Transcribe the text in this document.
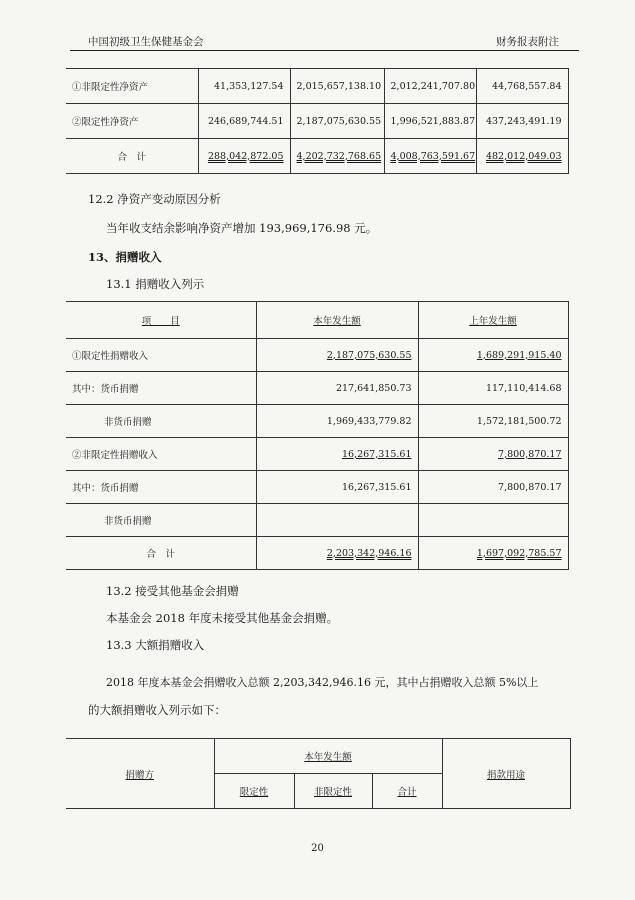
中国初级卫生保健基金会	财务报表附注
①非限定性净资产	41,353,127.54	2,015,657,138.10	2,012,241,707.80	44,768,557.84
②限定性净资产	246,689,744.51	2,187,075,630.55	1,996,521,883.87	437,243,491.19
合　计	288,042,872.05	4,202,732,768.65	4,008,763,591.67	482,012,049.03
12.2 净资产变动原因分析
当年收支结余影响净资产增加 193,969,176.98 元。
13、捐赠收入
13.1 捐赠收入列示
项　　目	本年发生额	上年发生额
①限定性捐赠收入	2,187,075,630.55	1,689,291,915.40
其中：货币捐赠	217,641,850.73	117,110,414.68
非货币捐赠	1,969,433,779.82	1,572,181,500.72
②非限定性捐赠收入	16,267,315.61	7,800,870.17
其中：货币捐赠	16,267,315.61	7,800,870.17
非货币捐赠		
合　计	2,203,342,946.16	1,697,092,785.57
13.2 接受其他基金会捐赠
本基金会 2018 年度未接受其他基金会捐赠。
13.3 大额捐赠收入
2018 年度本基金会捐赠收入总额 2,203,342,946.16 元，其中占捐赠收入总额 5%以上
的大额捐赠收入列示如下：
捐赠方	本年发生额			捐款用途
	限定性	非限定性	合计	
20
